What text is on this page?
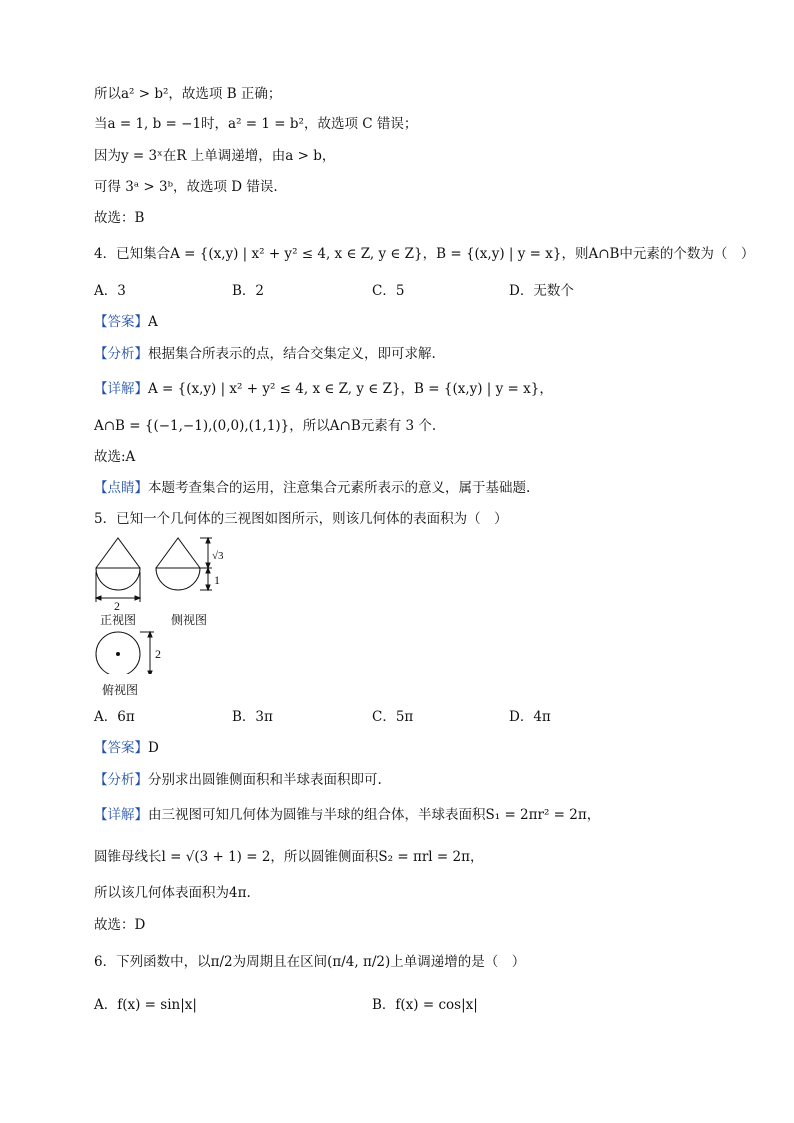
所以a² > b²，故选项 B 正确；
当a = 1, b = −1时，a² = 1 = b²，故选项 C 错误；
因为y = 3ˣ在R 上单调递增，由a > b，
可得 3ᵃ > 3ᵇ，故选项 D 错误.
故选：B
4．已知集合A = {(x,y) | x² + y² ≤ 4, x ∈ Z, y ∈ Z}，B = {(x,y) | y = x}，则A∩B中元素的个数为（　）
A．3	B．2	C．5	D．无数个
【答案】A
【分析】根据集合所表示的点，结合交集定义，即可求解.
【详解】A = {(x,y) | x² + y² ≤ 4, x ∈ Z, y ∈ Z}，B = {(x,y) | y = x}，
A∩B = {(−1,−1),(0,0),(1,1)}，所以A∩B元素有 3 个.
故选:A
【点睛】本题考查集合的运用，注意集合元素所表示的意义，属于基础题.
5．已知一个几何体的三视图如图所示，则该几何体的表面积为（　）
2
√3
1
2
正视图	侧视图
俯视图
A．6π	B．3π	C．5π	D．4π
【答案】D
【分析】分别求出圆锥侧面积和半球表面积即可.
【详解】由三视图可知几何体为圆锥与半球的组合体，半球表面积S₁ = 2πr² = 2π，
圆锥母线长l = √(3 + 1) = 2，所以圆锥侧面积S₂ = πrl = 2π，
所以该几何体表面积为4π.
故选：D
6．下列函数中，以π/2为周期且在区间(π/4, π/2)上单调递增的是（　）
A．f(x) = sin|x|	B．f(x) = cos|x|
